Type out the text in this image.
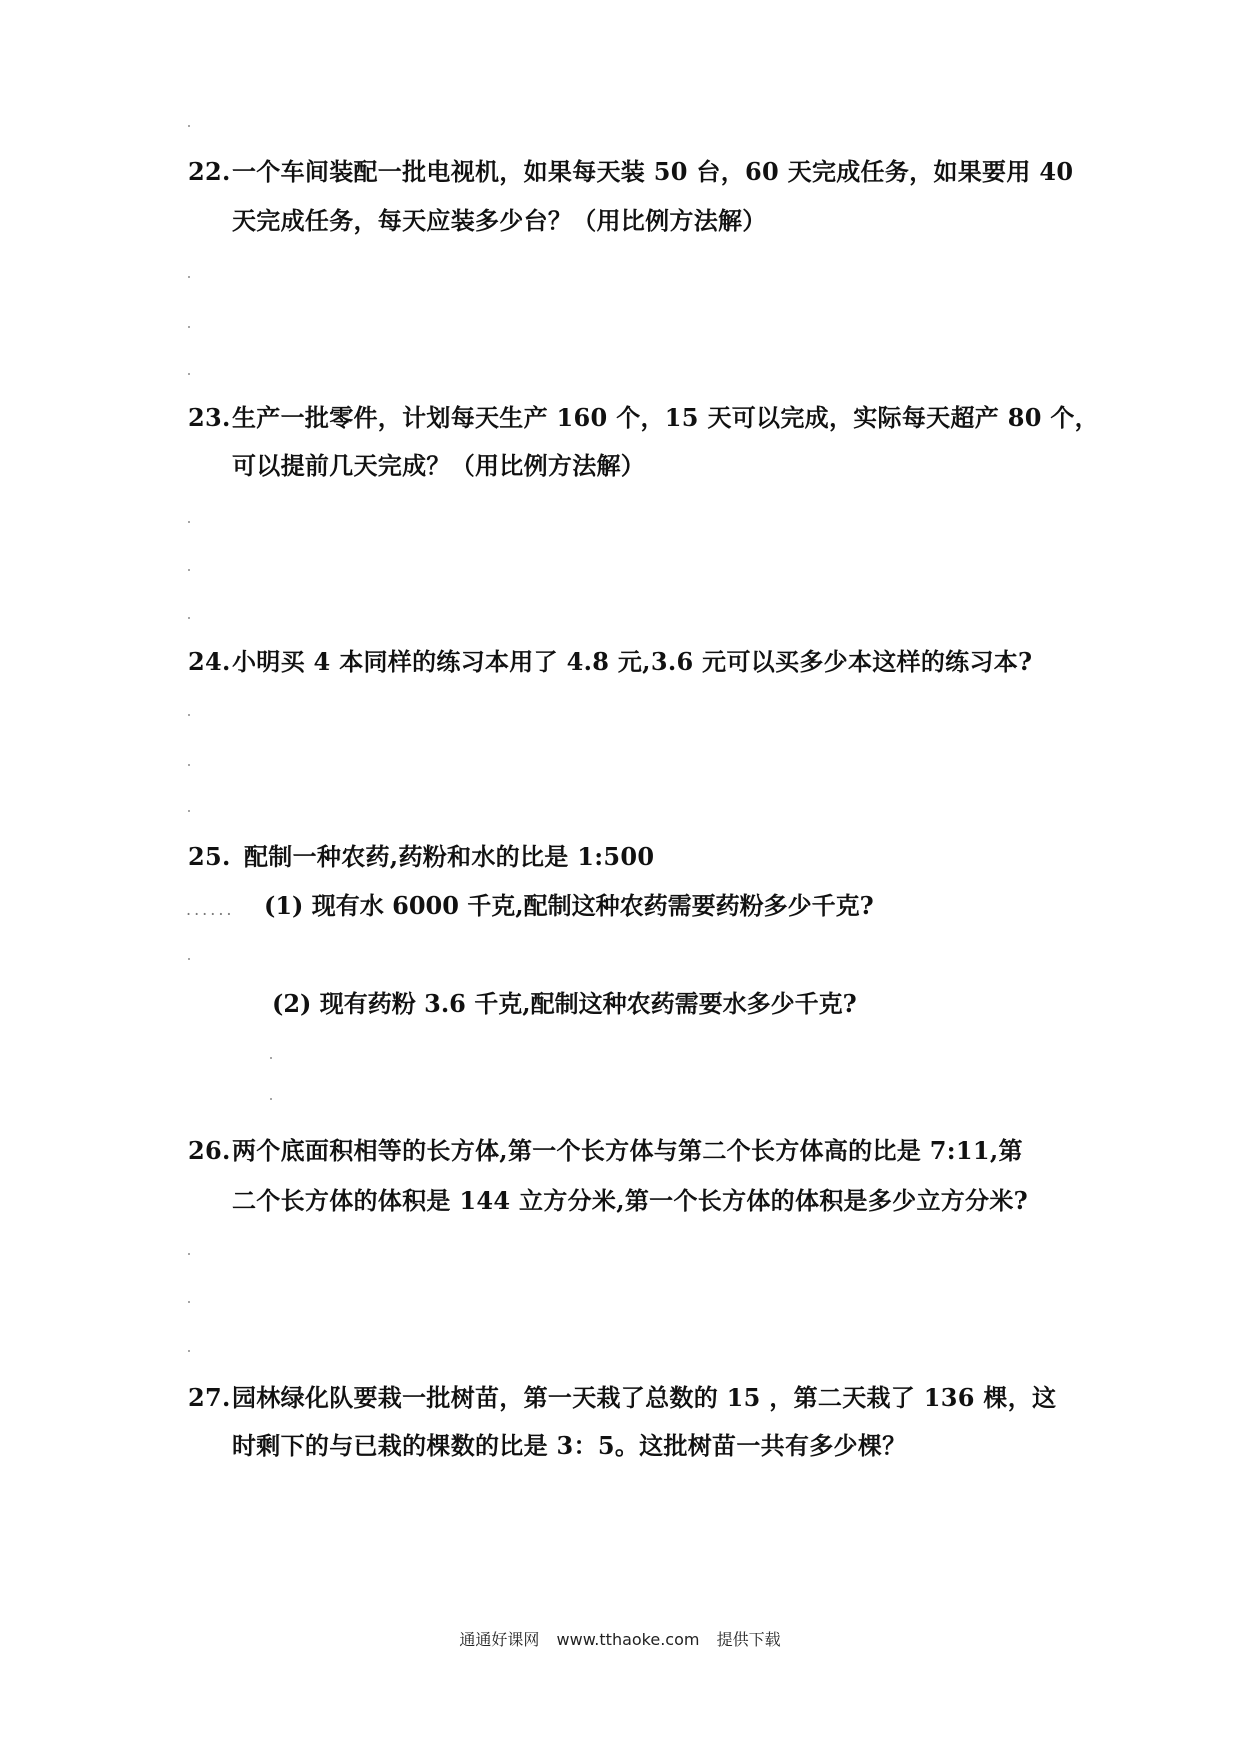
22.一个车间装配一批电视机，如果每天装 50 台，60 天完成任务，如果要用 40
天完成任务，每天应装多少台？（用比例方法解）
23.生产一批零件，计划每天生产 160 个，15 天可以完成，实际每天超产 80 个，
可以提前几天完成？（用比例方法解）
24.小明买 4 本同样的练习本用了 4.8 元,3.6 元可以买多少本这样的练习本?
25. 配制一种农药,药粉和水的比是 1:500
...... (1) 现有水 6000 千克,配制这种农药需要药粉多少千克?
(2) 现有药粉 3.6 千克,配制这种农药需要水多少千克?
26.两个底面积相等的长方体,第一个长方体与第二个长方体高的比是 7:11,第
二个长方体的体积是 144 立方分米,第一个长方体的体积是多少立方分米?
27.园林绿化队要栽一批树苗，第一天栽了总数的 15 ，第二天栽了 136 棵，这
时剩下的与已栽的棵数的比是 3：5。这批树苗一共有多少棵？
通通好课网 www.tthaoke.com 提供下载
